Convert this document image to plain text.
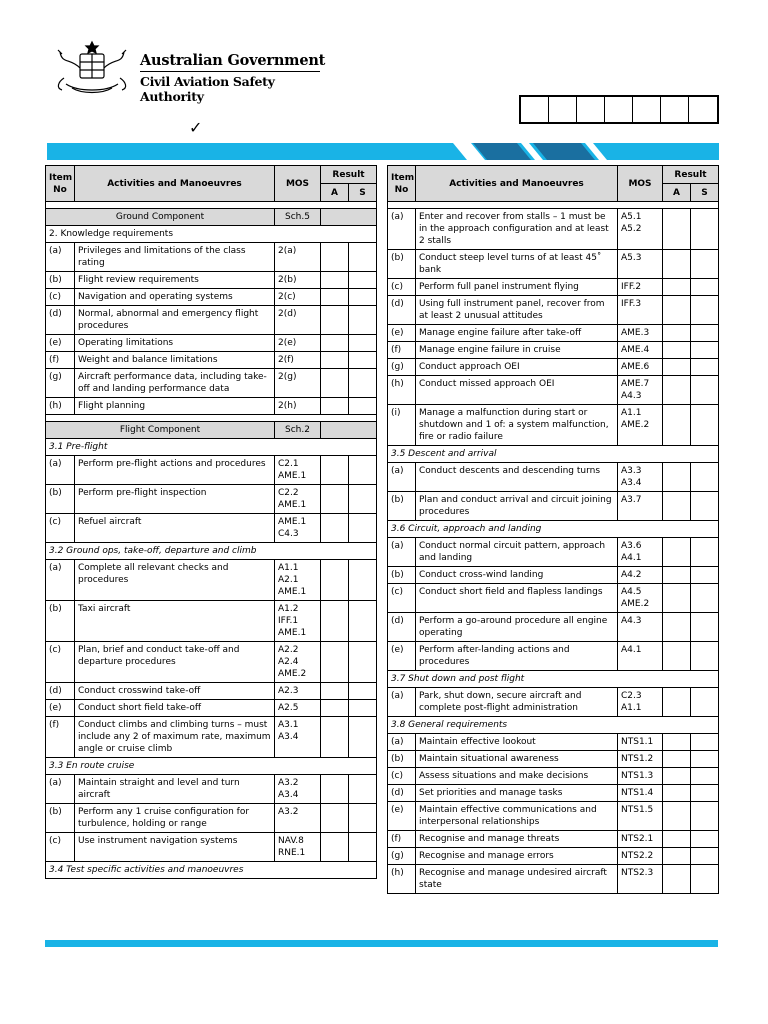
Australian Government
Civil Aviation Safety Authority
✓
Item No	Activities and Manoeuvres	MOS	Result	
			A	S

Ground Component		Sch.5		
2. Knowledge requirements				
(a)	Privileges and limitations of the class rating	2(a)		
(b)	Flight review requirements	2(b)		
(c)	Navigation and operating systems	2(c)		
(d)	Normal, abnormal and emergency flight procedures	2(d)		
(e)	Operating limitations	2(e)		
(f)	Weight and balance limitations	2(f)		
(g)	Aircraft performance data, including take-off and landing performance data	2(g)		
(h)	Flight planning	2(h)		

Flight Component		Sch.2		
3.1 Pre-flight				
(a)	Perform pre-flight actions and procedures	C2.1
AME.1		
(b)	Perform pre-flight inspection	C2.2
AME.1		
(c)	Refuel aircraft	AME.1
C4.3		
3.2 Ground ops, take-off, departure and climb				
(a)	Complete all relevant checks and procedures	A1.1
A2.1
AME.1		
(b)	Taxi aircraft	A1.2
IFF.1
AME.1		
(c)	Plan, brief and conduct take-off and departure procedures	A2.2
A2.4
AME.2		
(d)	Conduct crosswind take-off	A2.3		
(e)	Conduct short field take-off	A2.5		
(f)	Conduct climbs and climbing turns – must include any 2 of maximum rate, maximum angle or cruise climb	A3.1
A3.4		
3.3 En route cruise				
(a)	Maintain straight and level and turn aircraft	A3.2
A3.4		
(b)	Perform any 1 cruise configuration for turbulence, holding or range	A3.2		
(c)	Use instrument navigation systems	NAV.8
RNE.1		
3.4 Test specific activities and manoeuvres				
Item No	Activities and Manoeuvres	MOS	Result	
			A	S

(a)	Enter and recover from stalls – 1 must be in the approach configuration and at least 2 stalls	A5.1
A5.2		
(b)	Conduct steep level turns of at least 45˚ bank	A5.3		
(c)	Perform full panel instrument flying	IFF.2		
(d)	Using full instrument panel, recover from at least 2 unusual attitudes	IFF.3		
(e)	Manage engine failure after take-off	AME.3		
(f)	Manage engine failure in cruise	AME.4		
(g)	Conduct approach OEI	AME.6		
(h)	Conduct missed approach OEI	AME.7
A4.3		
(i)	Manage a malfunction during start or shutdown and 1 of: a system malfunction, fire or radio failure	A1.1
AME.2		
3.5 Descent and arrival				
(a)	Conduct descents and descending turns	A3.3
A3.4		
(b)	Plan and conduct arrival and circuit joining procedures	A3.7		
3.6 Circuit, approach and landing				
(a)	Conduct normal circuit pattern, approach and landing	A3.6
A4.1		
(b)	Conduct cross-wind landing	A4.2		
(c)	Conduct short field and flapless landings	A4.5
AME.2		
(d)	Perform a go-around procedure all engine operating	A4.3		
(e)	Perform after-landing actions and procedures	A4.1		
3.7 Shut down and post flight				
(a)	Park, shut down, secure aircraft and complete post-flight administration	C2.3
A1.1		
3.8 General requirements				
(a)	Maintain effective lookout	NTS1.1		
(b)	Maintain situational awareness	NTS1.2		
(c)	Assess situations and make decisions	NTS1.3		
(d)	Set priorities and manage tasks	NTS1.4		
(e)	Maintain effective communications and interpersonal relationships	NTS1.5		
(f)	Recognise and manage threats	NTS2.1		
(g)	Recognise and manage errors	NTS2.2		
(h)	Recognise and manage undesired aircraft state	NTS2.3		
